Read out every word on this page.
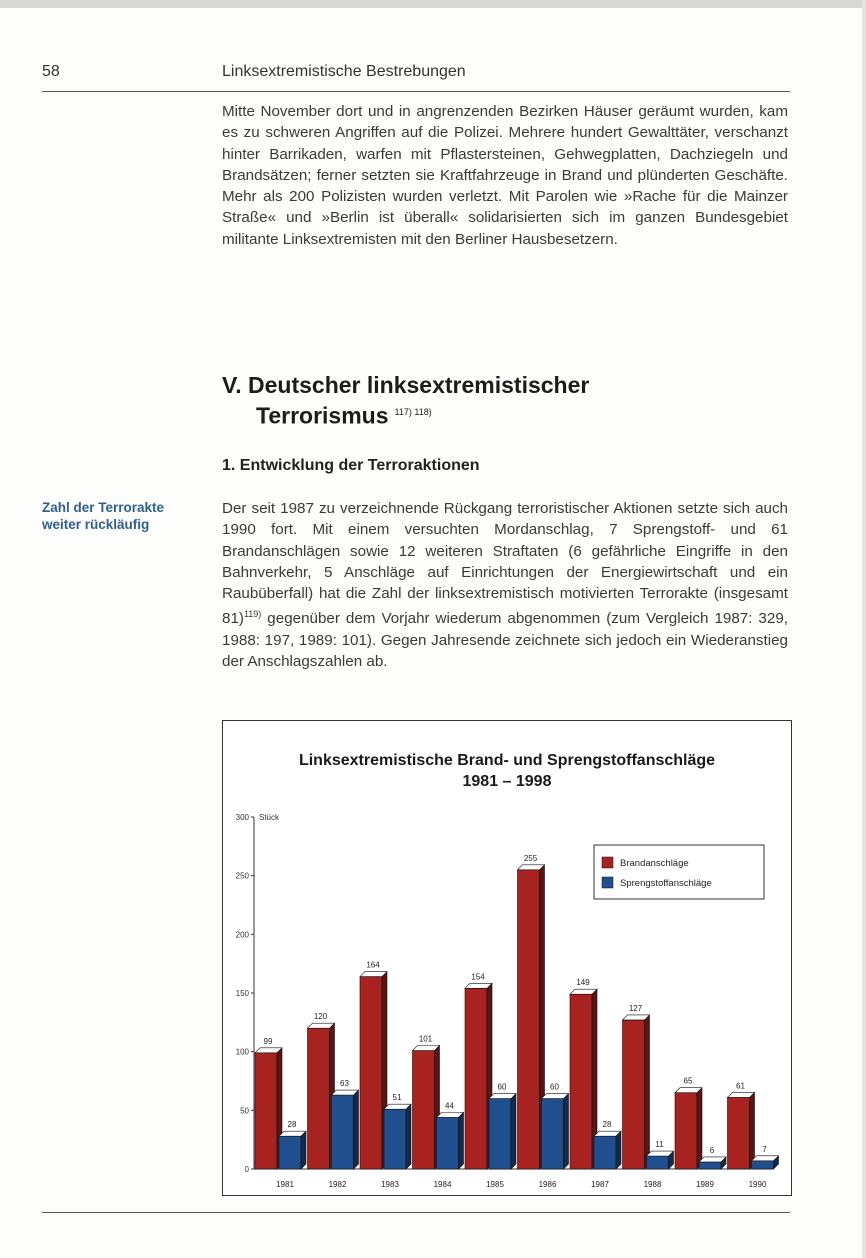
58	Linksextremistische Bestrebungen

Mitte November dort und in angrenzenden Bezirken Häuser geräumt wurden, kam es zu schweren Angriffen auf die Polizei. Mehrere hundert Gewalttäter, verschanzt hinter Barrikaden, warfen mit Pflastersteinen, Gehwegplatten, Dachziegeln und Brandsätzen; ferner setzten sie Kraftfahrzeuge in Brand und plünderten Geschäfte. Mehr als 200 Polizisten wurden verletzt. Mit Parolen wie »Rache für die Mainzer Straße« und »Berlin ist überall« solidarisierten sich im ganzen Bundesgebiet militante Linksextremisten mit den Berliner Hausbesetzern.

V. Deutscher linksextremistischer
Terrorismus $^{117) 118)}$
1. Entwicklung der Terroraktionen
Zahl der Terrorakte weiter rückläufig

Der seit 1987 zu verzeichnende Rückgang terroristischer Aktionen setzte sich auch 1990 fort. Mit einem versuchten Mordanschlag, 7 Sprengstoff- und 61 Brandanschlägen sowie 12 weiteren Straftaten (6 gefährliche Eingriffe in den Bahnverkehr, 5 Anschläge auf Einrichtungen der Energiewirtschaft und ein Raubüberfall) hat die Zahl der linksextremistisch motivierten Terrorakte (insgesamt 81)$^{119)}$ gegenüber dem Vorjahr wiederum abgenommen (zum Vergleich 1987: 329, 1988: 197, 1989: 101). Gegen Jahresende zeichnete sich jedoch ein Wiederanstieg der Anschlagszahlen ab.

Linksextremistische Brand- und Sprengstoffanschläge
1981 – 1998
Stück
0
50
100
150
200
250
300
1981	1982	1983	1984	1985	1986	1987	1988	1989	1990
99
28
120
63
164
51
101
44
154
60
255
60
149
28
127
11
65
6
61
7
Brandanschläge
Sprengstoffanschläge
